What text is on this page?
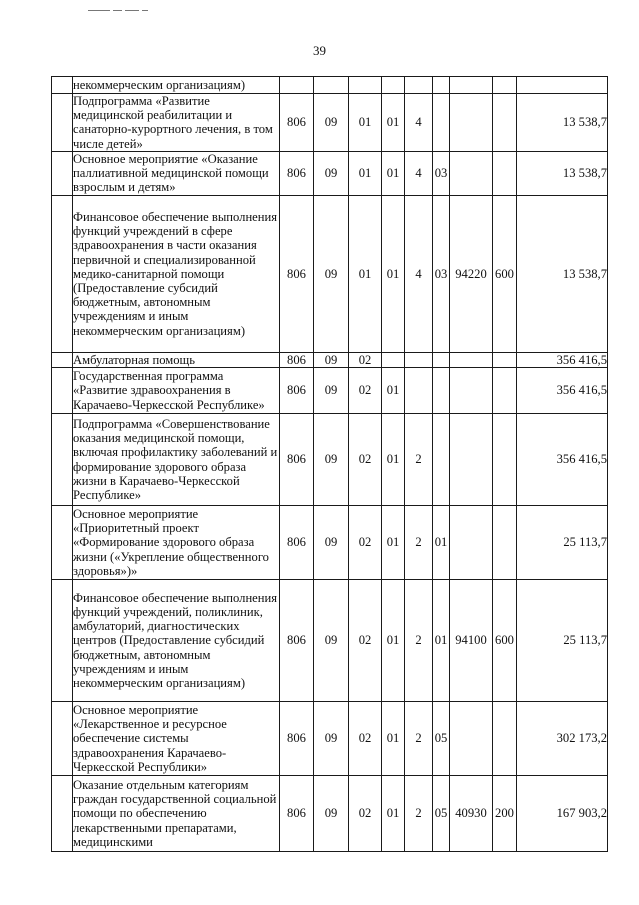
39
	некоммерческим организациям)									
	Подпрограмма «Развитие медицинской реабилитации и санаторно-курортного лечения, в том числе детей»	806	09	01	01	4				13 538,7
	Основное мероприятие «Оказание паллиативной медицинской помощи взрослым и детям»	806	09	01	01	4	03			13 538,7
	Финансовое обеспечение выполнения функций учреждений в сфере здравоохранения в части оказания первичной и специализированной медико-санитарной помощи (Предоставление субсидий бюджетным, автономным учреждениям и иным некоммерческим организациям)	806	09	01	01	4	03	94220	600	13 538,7
	Амбулаторная помощь	806	09	02						356 416,5
	Государственная программа «Развитие здравоохранения в Карачаево-Черкесской Республике»	806	09	02	01					356 416,5
	Подпрограмма «Совершенствование оказания медицинской помощи, включая профилактику заболеваний и формирование здорового образа жизни в Карачаево-Черкесской Республике»	806	09	02	01	2				356 416,5
	Основное мероприятие «Приоритетный проект «Формирование здорового образа жизни («Укрепление общественного здоровья»)»	806	09	02	01	2	01			25 113,7
	Финансовое обеспечение выполнения функций учреждений, поликлиник, амбулаторий, диагностических центров (Предоставление субсидий бюджетным, автономным учреждениям и иным некоммерческим организациям)	806	09	02	01	2	01	94100	600	25 113,7
	Основное мероприятие «Лекарственное и ресурсное обеспечение системы здравоохранения Карачаево-Черкесской Республики»	806	09	02	01	2	05			302 173,2
	Оказание отдельным категориям граждан государственной социальной помощи по обеспечению лекарственными препаратами, медицинскими	806	09	02	01	2	05	40930	200	167 903,2
